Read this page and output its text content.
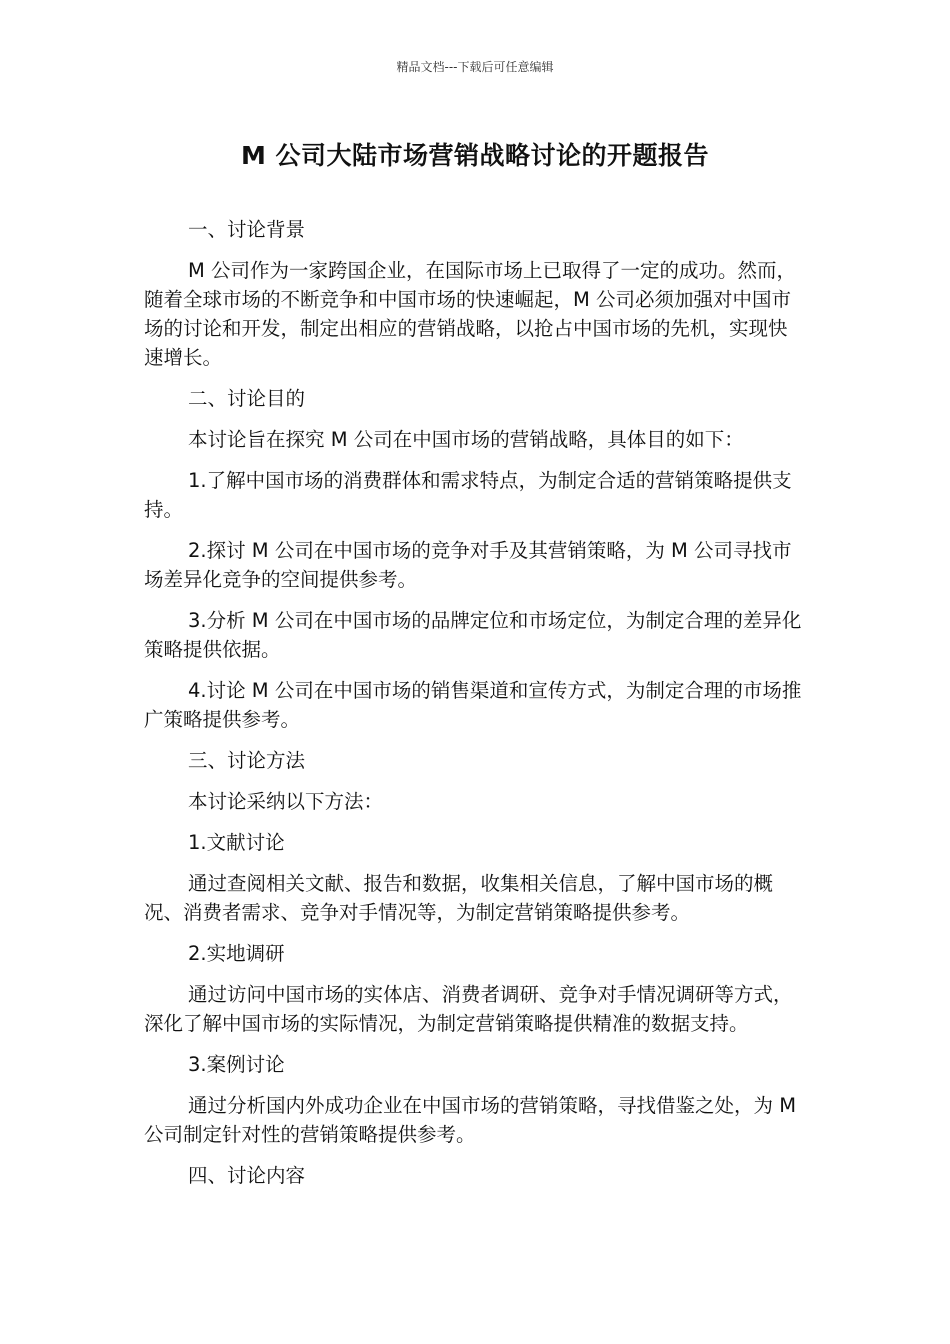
精品文档---下载后可任意编辑
M 公司大陆市场营销战略讨论的开题报告

一、讨论背景

M 公司作为一家跨国企业，在国际市场上已取得了一定的成功。然而，随着全球市场的不断竞争和中国市场的快速崛起，M 公司必须加强对中国市场的讨论和开发，制定出相应的营销战略，以抢占中国市场的先机，实现快速增长。

二、讨论目的

本讨论旨在探究 M 公司在中国市场的营销战略，具体目的如下：

1.了解中国市场的消费群体和需求特点，为制定合适的营销策略提供支持。

2.探讨 M 公司在中国市场的竞争对手及其营销策略，为 M 公司寻找市场差异化竞争的空间提供参考。

3.分析 M 公司在中国市场的品牌定位和市场定位，为制定合理的差异化策略提供依据。

4.讨论 M 公司在中国市场的销售渠道和宣传方式，为制定合理的市场推广策略提供参考。

三、讨论方法

本讨论采纳以下方法：

1.文献讨论

通过查阅相关文献、报告和数据，收集相关信息，了解中国市场的概况、消费者需求、竞争对手情况等，为制定营销策略提供参考。

2.实地调研

通过访问中国市场的实体店、消费者调研、竞争对手情况调研等方式，深化了解中国市场的实际情况，为制定营销策略提供精准的数据支持。

3.案例讨论

通过分析国内外成功企业在中国市场的营销策略，寻找借鉴之处，为 M 公司制定针对性的营销策略提供参考。

四、讨论内容
